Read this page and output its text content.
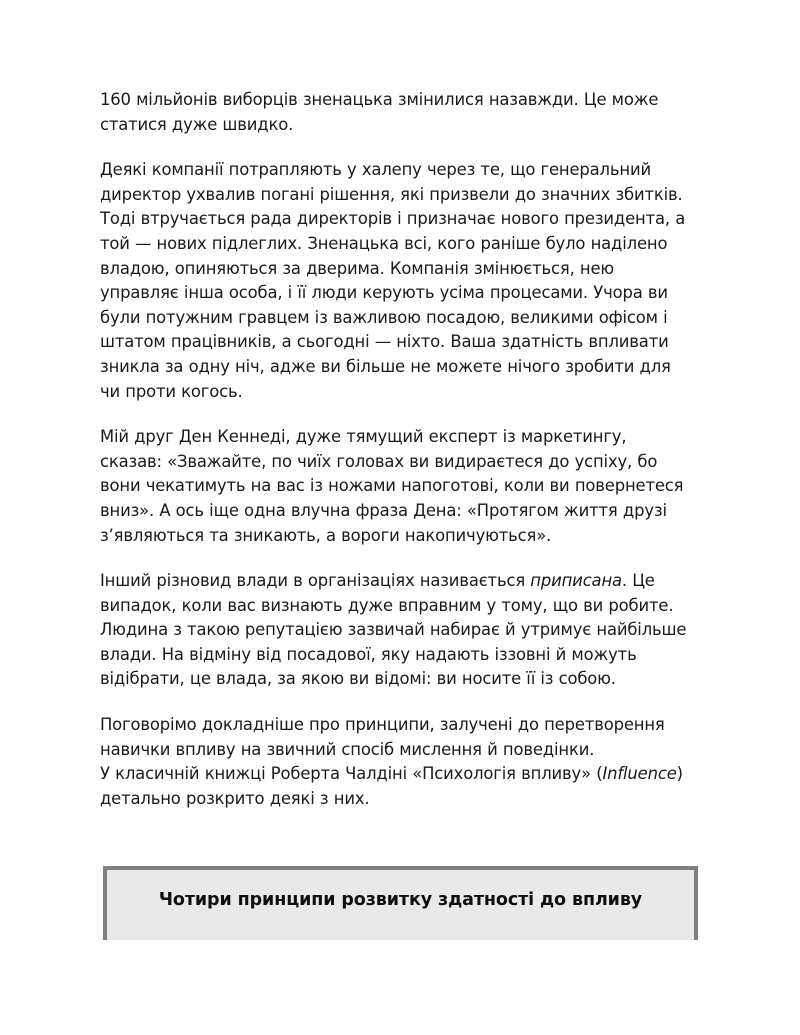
160 мільйонів виборців зненацька змінилися назавжди. Це може статися дуже швидко.

Деякі компанії потрапляють у халепу через те, що генеральний директор ухвалив погані рішення, які призвели до значних збитків. Тоді втручається рада директорів і призначає нового президента, а той — нових підлеглих. Зненацька всі, кого раніше було наділено владою, опиняються за дверима. Компанія змінюється, нею управляє інша особа, і її люди керують усіма процесами. Учора ви були потужним гравцем із важливою посадою, великими офісом і штатом працівників, а сьогодні — ніхто. Ваша здатність впливати зникла за одну ніч, адже ви більше не можете нічого зробити для чи проти когось.

Мій друг Ден Кеннеді, дуже тямущий експерт із маркетингу, сказав: «Зважайте, по чиїх головах ви видираєтеся до успіху, бо вони чекатимуть на вас із ножами напоготові, коли ви повернетеся вниз». А ось іще одна влучна фраза Дена: «Протягом життя друзі з’являються та зникають, а вороги накопичуються».

Інший різновид влади в організаціях називається приписана. Це випадок, коли вас визнають дуже вправним у тому, що ви робите. Людина з такою репутацією зазвичай набирає й утримує найбільше влади. На відміну від посадової, яку надають іззовні й можуть відібрати, це влада, за якою ви відомі: ви носите її із собою.

Поговорімо докладніше про принципи, залучені до перетворення навички впливу на звичний спосіб мислення й поведінки.
У класичній книжці Роберта Чалдіні «Психологія впливу» (Influence) детально розкрито деякі з них.

Чотири принципи розвитку здатності до впливу
